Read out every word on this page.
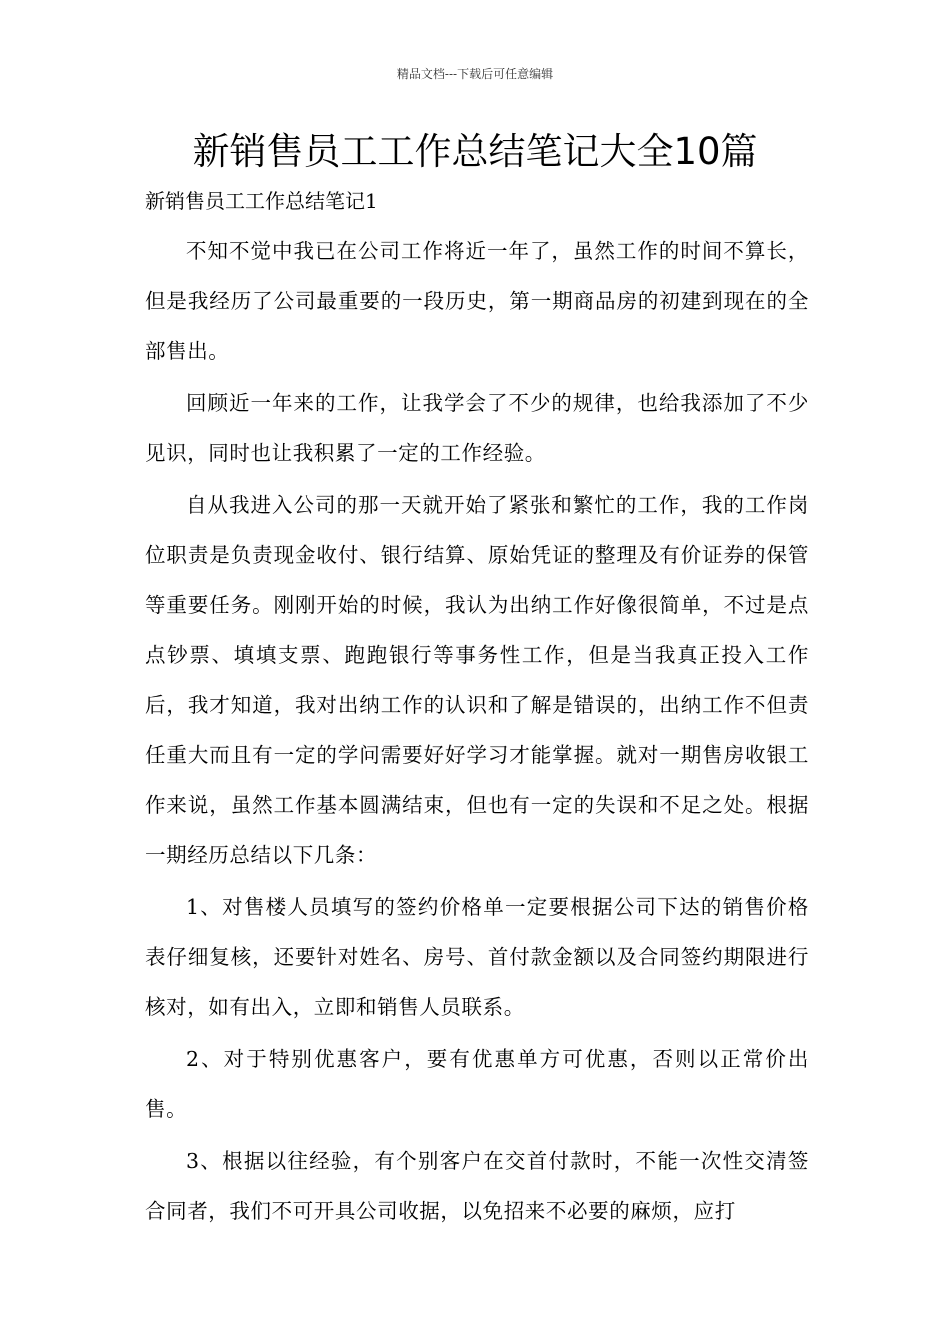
精品文档---下载后可任意编辑
新销售员工工作总结笔记大全10篇
新销售员工工作总结笔记1

不知不觉中我已在公司工作将近一年了，虽然工作的时间不算长，但是我经历了公司最重要的一段历史，第一期商品房的初建到现在的全部售出。

回顾近一年来的工作，让我学会了不少的规律，也给我添加了不少见识，同时也让我积累了一定的工作经验。

自从我进入公司的那一天就开始了紧张和繁忙的工作，我的工作岗位职责是负责现金收付、银行结算、原始凭证的整理及有价证券的保管等重要任务。刚刚开始的时候，我认为出纳工作好像很简单，不过是点点钞票、填填支票、跑跑银行等事务性工作，但是当我真正投入工作后，我才知道，我对出纳工作的认识和了解是错误的，出纳工作不但责任重大而且有一定的学问需要好好学习才能掌握。就对一期售房收银工作来说，虽然工作基本圆满结束，但也有一定的失误和不足之处。根据一期经历总结以下几条：

1、对售楼人员填写的签约价格单一定要根据公司下达的销售价格表仔细复核，还要针对姓名、房号、首付款金额以及合同签约期限进行核对，如有出入，立即和销售人员联系。

2、对于特别优惠客户，要有优惠单方可优惠，否则以正常价出售。

3、根据以往经验，有个别客户在交首付款时，不能一次性交清签合同者，我们不可开具公司收据，以免招来不必要的麻烦，应打
